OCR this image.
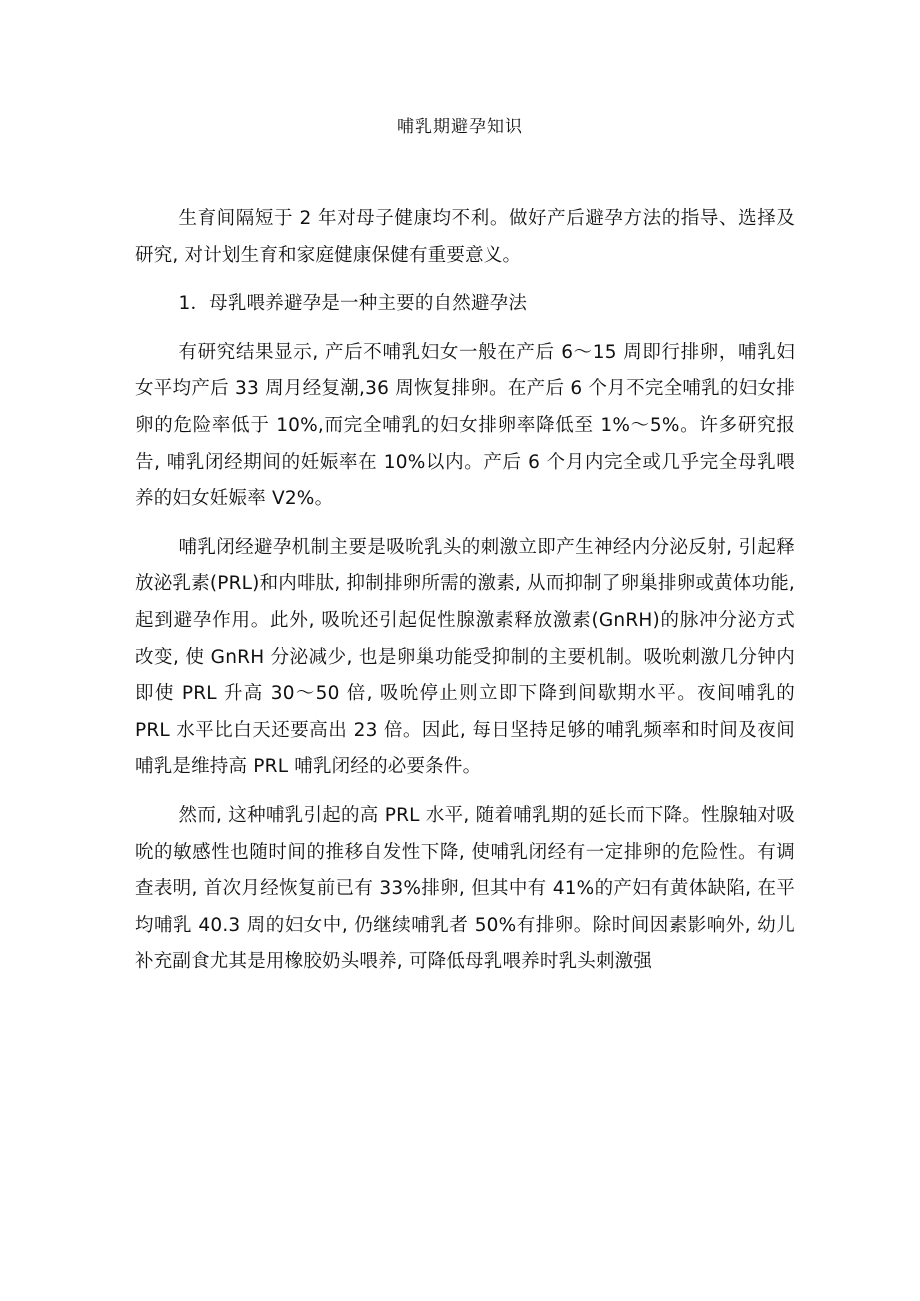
哺乳期避孕知识

生育间隔短于 2 年对母子健康均不利。做好产后避孕方法的指导、选择及研究, 对计划生育和家庭健康保健有重要意义。

1．母乳喂养避孕是一种主要的自然避孕法

有研究结果显示, 产后不哺乳妇女一般在产后 6～15 周即行排卵，哺乳妇女平均产后 33 周月经复潮,36 周恢复排卵。在产后 6 个月不完全哺乳的妇女排卵的危险率低于 10%,而完全哺乳的妇女排卵率降低至 1%～5%。许多研究报告, 哺乳闭经期间的妊娠率在 10%以内。产后 6 个月内完全或几乎完全母乳喂养的妇女妊娠率 V2%。

哺乳闭经避孕机制主要是吸吮乳头的刺激立即产生神经内分泌反射, 引起释放泌乳素(PRL)和内啡肽, 抑制排卵所需的激素, 从而抑制了卵巢排卵或黄体功能, 起到避孕作用。此外, 吸吮还引起促性腺激素释放激素(GnRH)的脉冲分泌方式改变, 使 GnRH 分泌减少, 也是卵巢功能受抑制的主要机制。吸吮刺激几分钟内即使 PRL 升高 30～50 倍, 吸吮停止则立即下降到间歇期水平。夜间哺乳的 PRL 水平比白天还要高出 23 倍。因此, 每日坚持足够的哺乳频率和时间及夜间哺乳是维持高 PRL 哺乳闭经的必要条件。

然而, 这种哺乳引起的高 PRL 水平, 随着哺乳期的延长而下降。性腺轴对吸吮的敏感性也随时间的推移自发性下降, 使哺乳闭经有一定排卵的危险性。有调查表明, 首次月经恢复前已有 33%排卵, 但其中有 41%的产妇有黄体缺陷, 在平均哺乳 40.3 周的妇女中, 仍继续哺乳者 50%有排卵。除时间因素影响外, 幼儿补充副食尤其是用橡胶奶头喂养, 可降低母乳喂养时乳头刺激强
